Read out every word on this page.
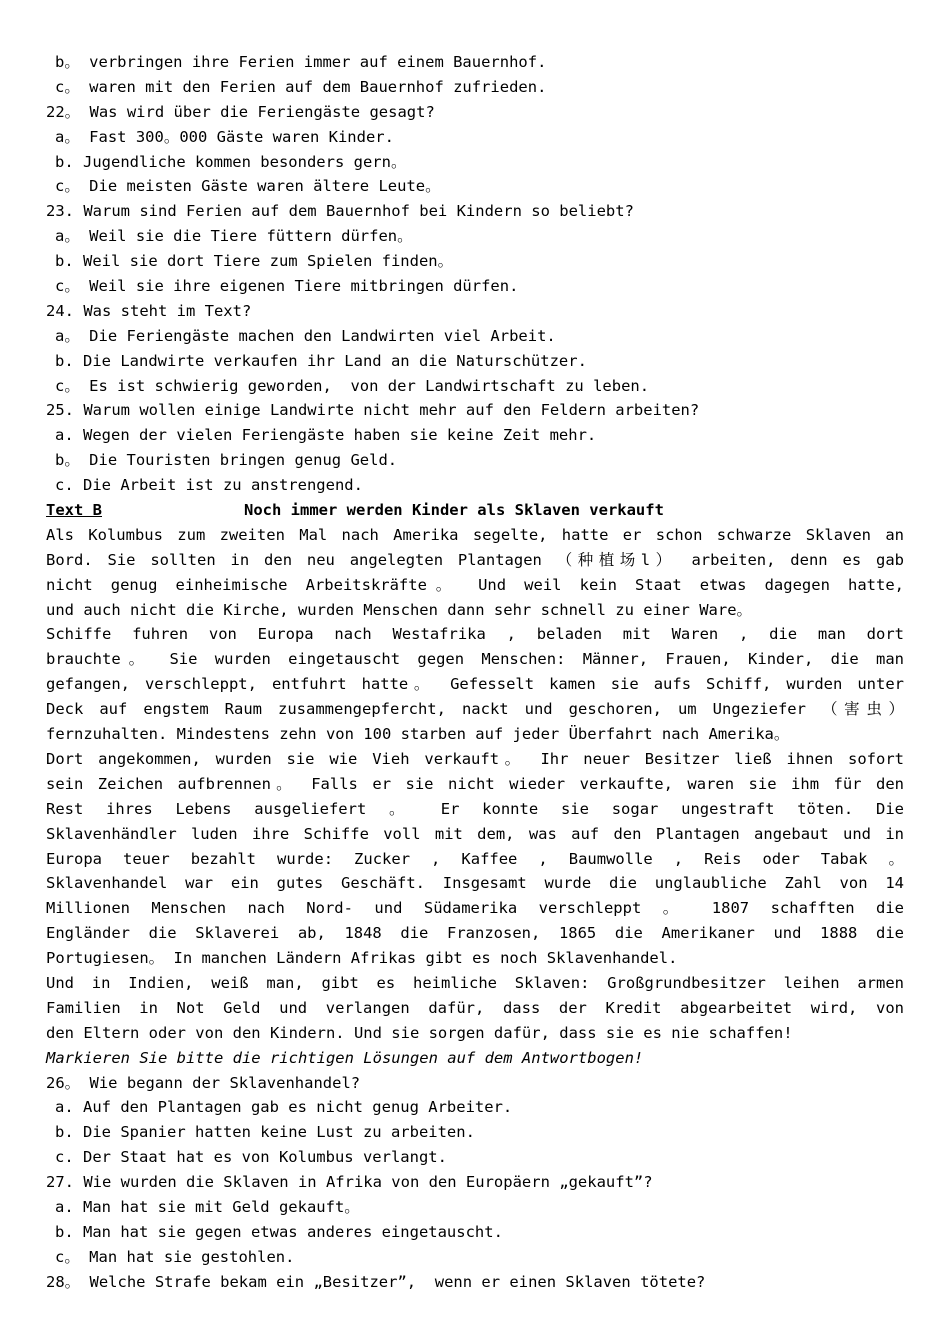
b。 verbringen ihre Ferien immer auf einem Bauernhof.
c。 waren mit den Ferien auf dem Bauernhof zufrieden.
22。 Was wird über die Feriengäste gesagt?
a。 Fast 300。000 Gäste waren Kinder.
b. Jugendliche kommen besonders gern。
c。 Die meisten Gäste waren ältere Leute。
23. Warum sind Ferien auf dem Bauernhof bei Kindern so beliebt?
a。 Weil sie die Tiere füttern dürfen。
b. Weil sie dort Tiere zum Spielen finden。
c。 Weil sie ihre eigenen Tiere mitbringen dürfen.
24. Was steht im Text?
a。 Die Feriengäste machen den Landwirten viel Arbeit.
b. Die Landwirte verkaufen ihr Land an die Naturschützer.
c。 Es ist schwierig geworden,  von der Landwirtschaft zu leben.
25. Warum wollen einige Landwirte nicht mehr auf den Feldern arbeiten?
a. Wegen der vielen Feriengäste haben sie keine Zeit mehr.
b。 Die Touristen bringen genug Geld.
c. Die Arbeit ist zu anstrengend.
Text B	Noch immer werden Kinder als Sklaven verkauft
Als Kolumbus zum zweiten Mal nach Amerika segelte, hatte er schon schwarze Sklaven an
Bord. Sie sollten in den neu angelegten Plantagen （种植场l） arbeiten, denn es gab
nicht genug einheimische Arbeitskräfte。 Und weil kein Staat etwas dagegen hatte,
und auch nicht die Kirche, wurden Menschen dann sehr schnell zu einer Ware。
Schiffe fuhren von Europa nach Westafrika , beladen mit Waren , die man dort
brauchte。 Sie wurden eingetauscht gegen Menschen: Männer, Frauen, Kinder, die man
gefangen, verschleppt, entfuhrt hatte。 Gefesselt kamen sie aufs Schiff, wurden unter
Deck auf engstem Raum zusammengepfercht, nackt und geschoren, um Ungeziefer （害虫）
fernzuhalten. Mindestens zehn von 100 starben auf jeder Überfahrt nach Amerika。
Dort angekommen, wurden sie wie Vieh verkauft。 Ihr neuer Besitzer ließ ihnen sofort
sein Zeichen aufbrennen。 Falls er sie nicht wieder verkaufte, waren sie ihm für den
Rest ihres Lebens ausgeliefert 。 Er konnte sie sogar ungestraft töten. Die
Sklavenhändler luden ihre Schiffe voll mit dem, was auf den Plantagen angebaut und in
Europa teuer bezahlt wurde: Zucker , Kaffee , Baumwolle , Reis oder Tabak 。
Sklavenhandel war ein gutes Geschäft. Insgesamt wurde die unglaubliche Zahl von 14
Millionen Menschen nach Nord- und Südamerika verschleppt 。 1807 schafften die
Engländer die Sklaverei ab, 1848 die Franzosen, 1865 die Amerikaner und 1888 die
Portugiesen。 In manchen Ländern Afrikas gibt es noch Sklavenhandel.
Und in Indien, weiß man, gibt es heimliche Sklaven: Großgrundbesitzer leihen armen
Familien in Not Geld und verlangen dafür, dass der Kredit abgearbeitet wird, von
den Eltern oder von den Kindern. Und sie sorgen dafür, dass sie es nie schaffen!
Markieren Sie bitte die richtigen Lösungen auf dem Antwortbogen!
26。 Wie begann der Sklavenhandel?
a. Auf den Plantagen gab es nicht genug Arbeiter.
b. Die Spanier hatten keine Lust zu arbeiten.
c. Der Staat hat es von Kolumbus verlangt.
27. Wie wurden die Sklaven in Afrika von den Europäern „gekauft”?
a. Man hat sie mit Geld gekauft。
b. Man hat sie gegen etwas anderes eingetauscht.
c。 Man hat sie gestohlen.
28。 Welche Strafe bekam ein „Besitzer”,  wenn er einen Sklaven tötete?
